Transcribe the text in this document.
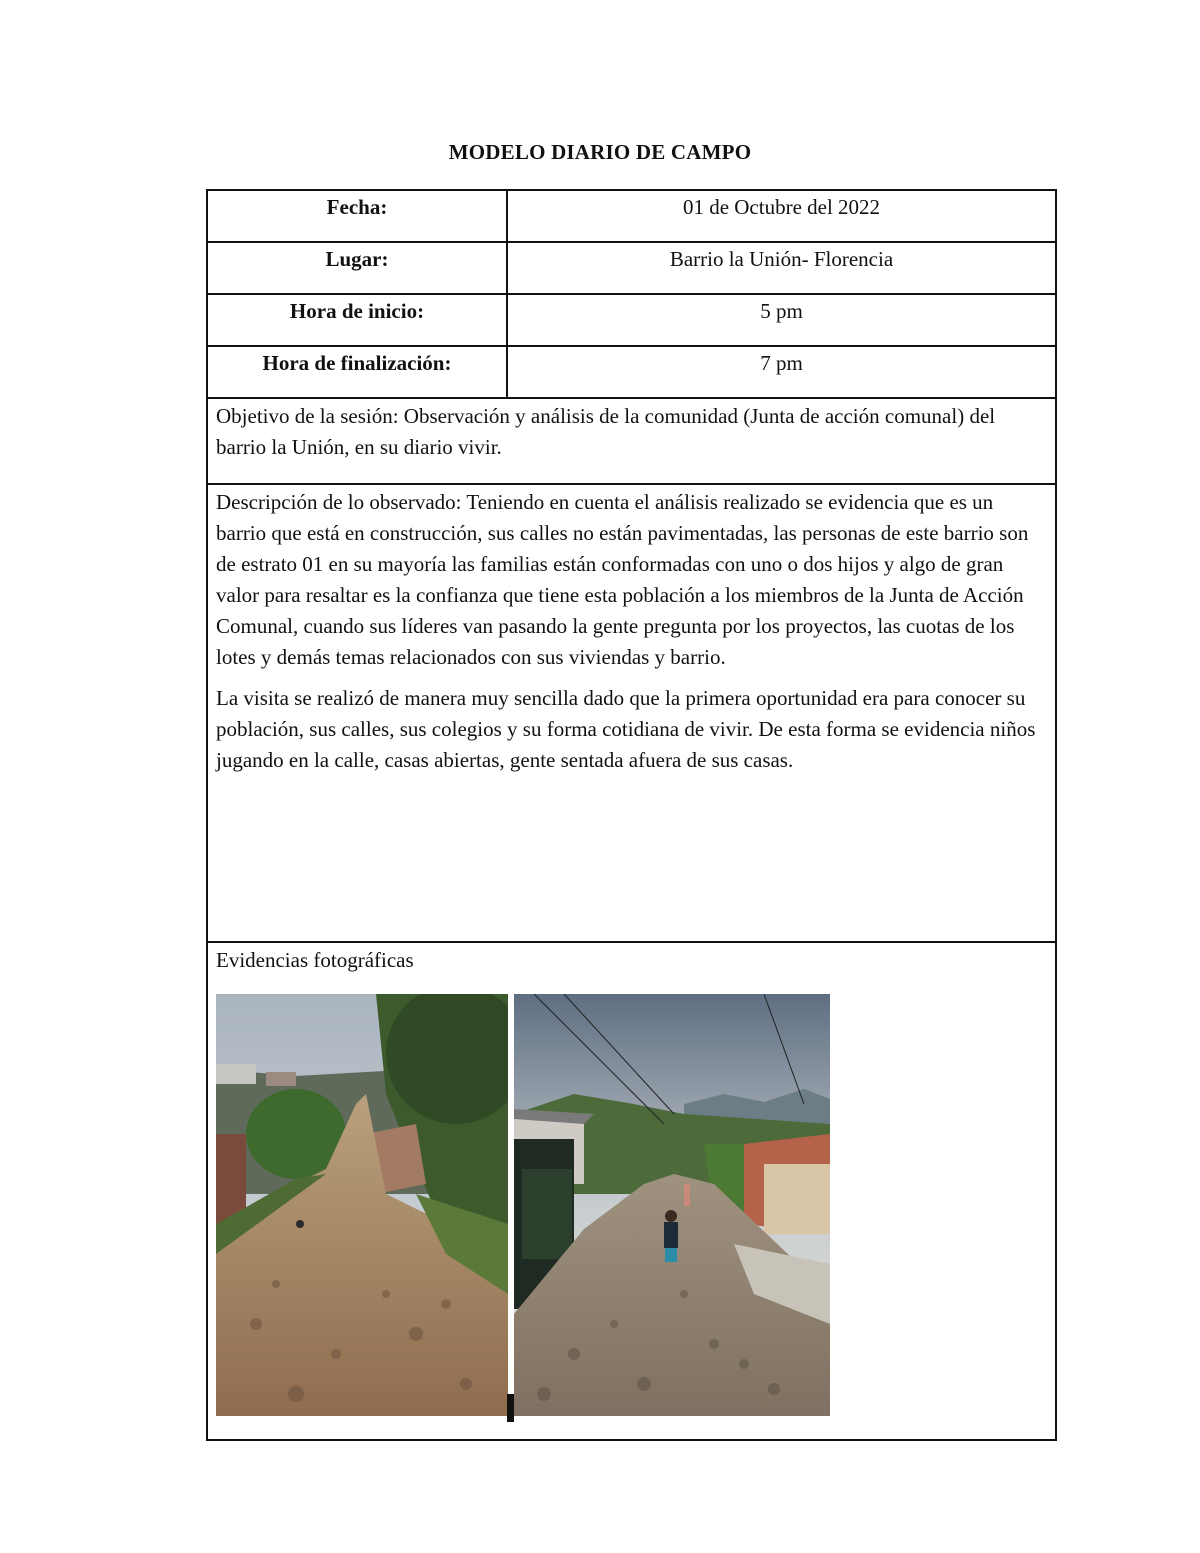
MODELO DIARIO DE CAMPO
Fecha:	01 de Octubre del 2022
Lugar:	Barrio la Unión- Florencia
Hora de inicio:	5 pm
Hora de finalización:	7 pm
Objetivo de la sesión: Observación y análisis de la comunidad (Junta de acción comunal) del barrio la Unión, en su diario vivir.	

Descripción de lo observado: Teniendo en cuenta el análisis realizado se evidencia que es un barrio que está en construcción, sus calles no están pavimentadas, las personas de este barrio son de estrato 01 en su mayoría las familias están conformadas con uno o dos hijos y algo de gran valor para resaltar es la confianza que tiene esta población a los miembros de la Junta de Acción Comunal, cuando sus líderes van pasando la gente pregunta por los proyectos, las cuotas de los lotes y demás temas relacionados con sus viviendas y barrio.

La visita se realizó de manera muy sencilla dado que la primera oportunidad era para conocer su población, sus calles, sus colegios y su forma cotidiana de vivir. De esta forma se evidencia niños jugando en la calle, casas abiertas, gente sentada afuera de sus casas.	

Evidencias fotográficas	
